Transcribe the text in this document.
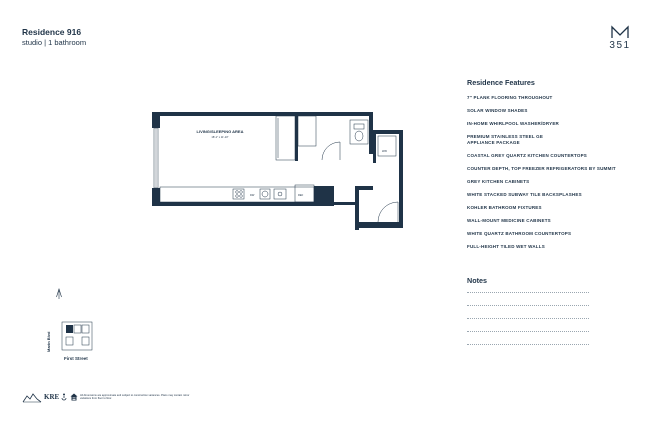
Residence 916
studio | 1 bathroom	351
Residence Features
7" PLANK FLOORING THROUGHOUT
SOLAR WINDOW SHADES
IN-HOME WHIRLPOOL WASHER/DRYER
PREMIUM STAINLESS STEEL GE APPLIANCE PACKAGE
COASTAL GREY QUARTZ KITCHEN COUNTERTOPS
COUNTER DEPTH, TOP FREEZER REFRIGERATORS BY SUMMIT
GREY KITCHEN CABINETS
WHITE STACKED SUBWAY TILE BACKSPLASHES
KOHLER BATHROOM FIXTURES
WALL-MOUNT MEDICINE CABINETS
WHITE QUARTZ BATHROOM COUNTERTOPS
FULL-HEIGHT TILED WET WALLS
Notes
LIVING/SLEEPING AREA
18'-1" x 11'-10"
W/D
DW	REF
Marin Blvd
First Street
KRE	All dimensions are approximate and subject to construction variances. Plans may contain minor variations from floor to floor.
